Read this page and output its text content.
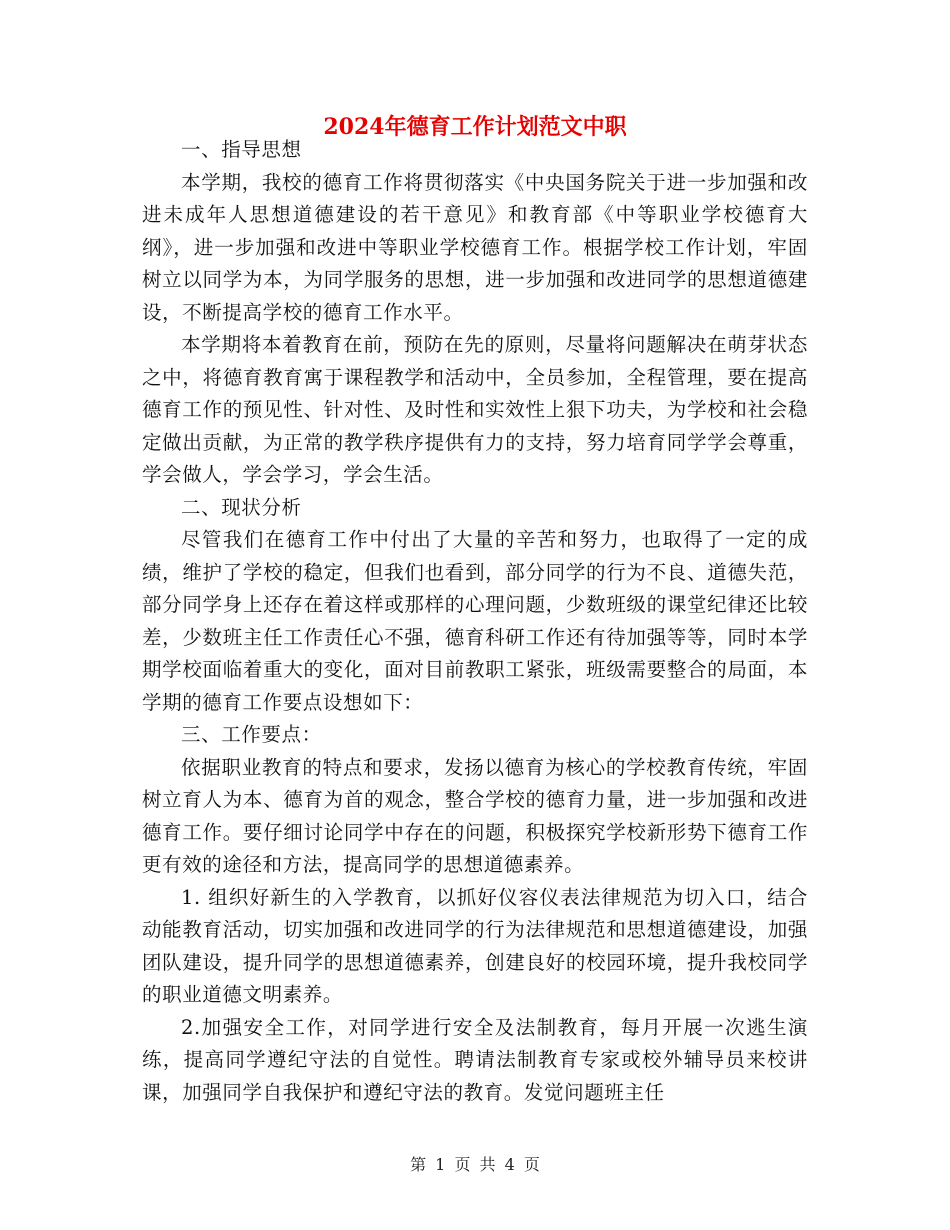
2024年德育工作计划范文中职

一、指导思想

本学期，我校的德育工作将贯彻落实《中央国务院关于进一步加强和改进未成年人思想道德建设的若干意见》和教育部《中等职业学校德育大纲》，进一步加强和改进中等职业学校德育工作。根据学校工作计划，牢固树立以同学为本，为同学服务的思想，进一步加强和改进同学的思想道德建设，不断提高学校的德育工作水平。

本学期将本着教育在前，预防在先的原则，尽量将问题解决在萌芽状态之中，将德育教育寓于课程教学和活动中，全员参加，全程管理，要在提高德育工作的预见性、针对性、及时性和实效性上狠下功夫，为学校和社会稳定做出贡献，为正常的教学秩序提供有力的支持，努力培育同学学会尊重，学会做人，学会学习，学会生活。

二、现状分析

尽管我们在德育工作中付出了大量的辛苦和努力，也取得了一定的成绩，维护了学校的稳定，但我们也看到，部分同学的行为不良、道德失范，部分同学身上还存在着这样或那样的心理问题，少数班级的课堂纪律还比较差，少数班主任工作责任心不强，德育科研工作还有待加强等等，同时本学期学校面临着重大的变化，面对目前教职工紧张，班级需要整合的局面，本学期的德育工作要点设想如下：

三、工作要点：

依据职业教育的特点和要求，发扬以德育为核心的学校教育传统，牢固树立育人为本、德育为首的观念，整合学校的德育力量，进一步加强和改进德育工作。要仔细讨论同学中存在的问题，积极探究学校新形势下德育工作更有效的途径和方法，提高同学的思想道德素养。

1. 组织好新生的入学教育，以抓好仪容仪表法律规范为切入口，结合动能教育活动，切实加强和改进同学的行为法律规范和思想道德建设，加强团队建设，提升同学的思想道德素养，创建良好的校园环境，提升我校同学的职业道德文明素养。

2.加强安全工作，对同学进行安全及法制教育，每月开展一次逃生演练，提高同学遵纪守法的自觉性。聘请法制教育专家或校外辅导员来校讲课，加强同学自我保护和遵纪守法的教育。发觉问题班主任

第 1 页 共 4 页
